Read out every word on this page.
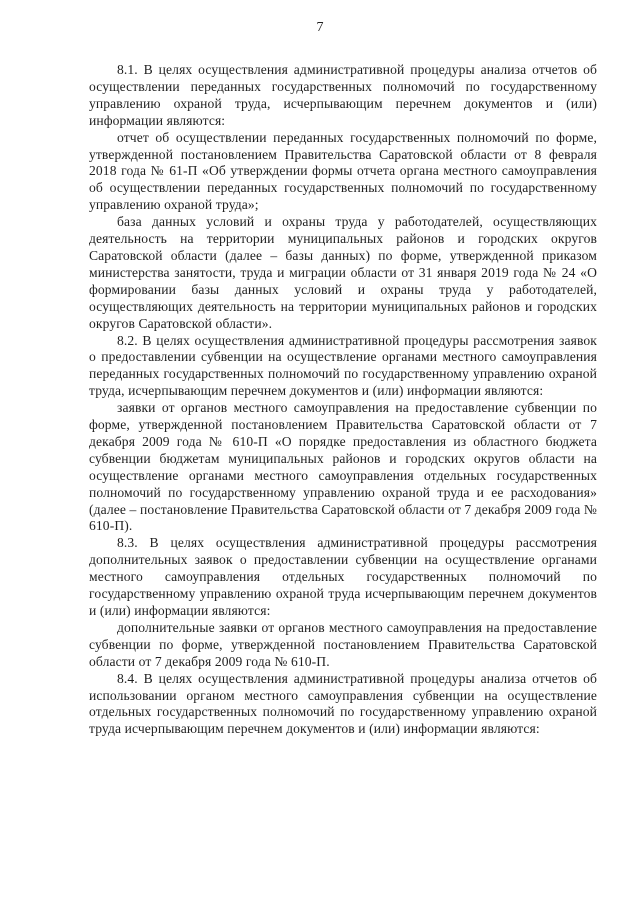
7

8.1. В целях осуществления административной процедуры анализа отчетов об осуществлении переданных государственных полномочий по государственному управлению охраной труда, исчерпывающим перечнем документов и (или) информации являются:

отчет об осуществлении переданных государственных полномочий по форме, утвержденной постановлением Правительства Саратовской области от 8 февраля 2018 года № 61-П «Об утверждении формы отчета органа местного самоуправления об осуществлении переданных государственных полномочий по государственному управлению охраной труда»;

база данных условий и охраны труда у работодателей, осуществляющих деятельность на территории муниципальных районов и городских округов Саратовской области (далее – базы данных) по форме, утвержденной приказом министерства занятости, труда и миграции области от 31 января 2019 года № 24 «О формировании базы данных условий и охраны труда у работодателей, осуществляющих деятельность на территории муниципальных районов и городских округов Саратовской области».

8.2. В целях осуществления административной процедуры рассмотрения заявок о предоставлении субвенции на осуществление органами местного самоуправления переданных государственных полномочий по государственному управлению охраной труда, исчерпывающим перечнем документов и (или) информации являются:

заявки от органов местного самоуправления на предоставление субвенции по форме, утвержденной постановлением Правительства Саратовской области от 7 декабря 2009 года № 610-П «О порядке предоставления из областного бюджета субвенции бюджетам муниципальных районов и городских округов области на осуществление органами местного самоуправления отдельных государственных полномочий по государственному управлению охраной труда и ее расходования» (далее – постановление Правительства Саратовской области от 7 декабря 2009 года № 610-П).

8.3. В целях осуществления административной процедуры рассмотрения дополнительных заявок о предоставлении субвенции на осуществление органами местного самоуправления отдельных государственных полномочий по государственному управлению охраной труда исчерпывающим перечнем документов и (или) информации являются:

дополнительные заявки от органов местного самоуправления на предоставление субвенции по форме, утвержденной постановлением Правительства Саратовской области от 7 декабря 2009 года № 610-П.

8.4. В целях осуществления административной процедуры анализа отчетов об использовании органом местного самоуправления субвенции на осуществление отдельных государственных полномочий по государственному управлению охраной труда исчерпывающим перечнем документов и (или) информации являются:
